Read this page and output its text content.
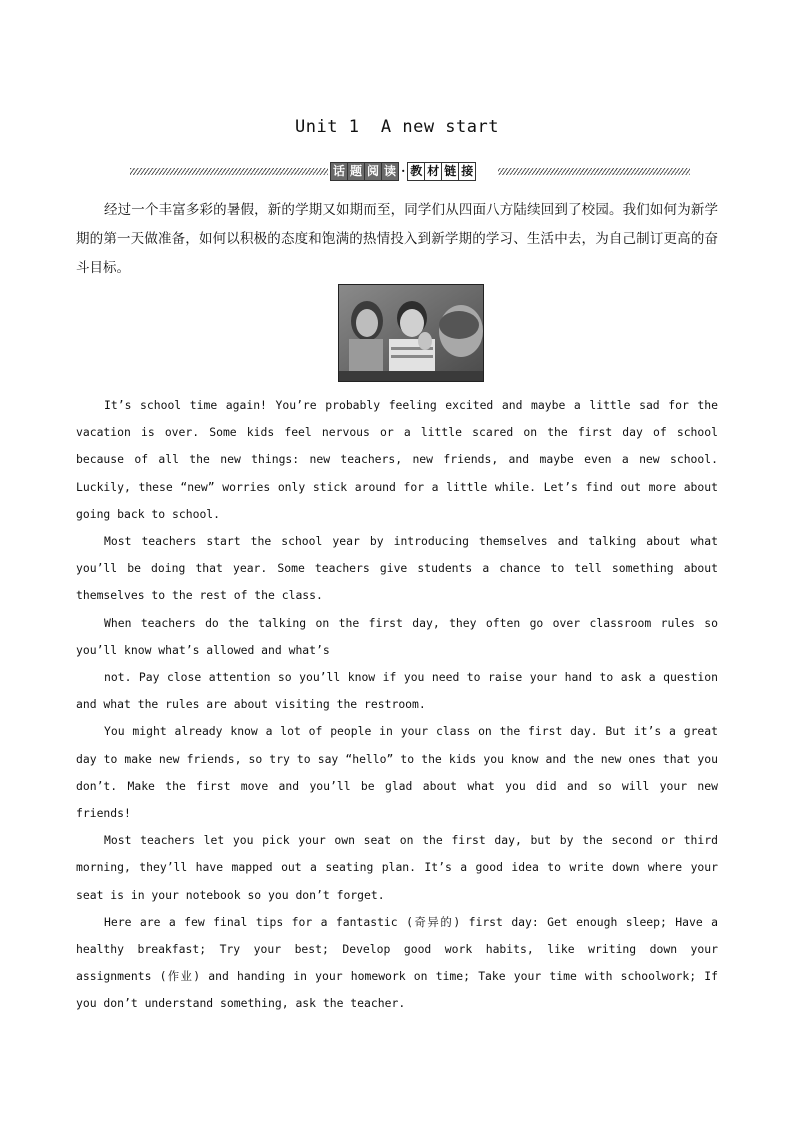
Unit 1  A new start
话 题 阅 读 · 教 材 链 接
经过一个丰富多彩的暑假，新的学期又如期而至，同学们从四面八方陆续回到了校园。我们如何为新学期的第一天做准备，如何以积极的态度和饱满的热情投入到新学期的学习、生活中去，为自己制订更高的奋斗目标。

It’s school time again! You’re probably feeling excited and maybe a little sad for the vacation is over. Some kids feel nervous or a little scared on the first day of school because of all the new things: new teachers, new friends, and maybe even a new school. Luckily, these “new” worries only stick around for a little while. Let’s find out more about going back to school.

Most teachers start the school year by introducing themselves and talking about what you’ll be doing that year. Some teachers give students a chance to tell something about themselves to the rest of the class.

When teachers do the talking on the first day, they often go over classroom rules so you’ll know what’s allowed and what’s

not. Pay close attention so you’ll know if you need to raise your hand to ask a question and what the rules are about visiting the restroom.

You might already know a lot of people in your class on the first day. But it’s a great day to make new friends, so try to say “hello” to the kids you know and the new ones that you don’t. Make the first move and you’ll be glad about what you did and so will your new friends!

Most teachers let you pick your own seat on the first day, but by the second or third morning, they’ll have mapped out a seating plan. It’s a good idea to write down where your seat is in your notebook so you don’t forget.

Here are a few final tips for a fantastic (奇异的) first day: Get enough sleep; Have a healthy breakfast; Try your best; Develop good work habits, like writing down your assignments (作业) and handing in your homework on time; Take your time with schoolwork; If you don’t understand something, ask the teacher.
